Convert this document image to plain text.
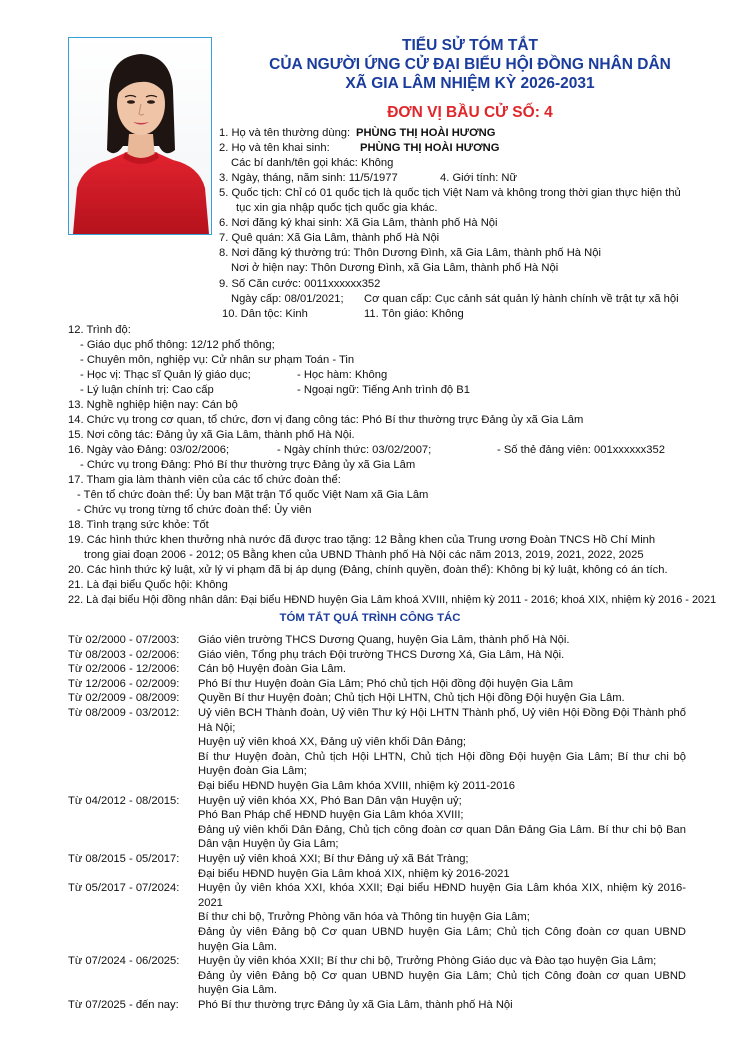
TIỂU SỬ TÓM TẮT
CỦA NGƯỜI ỨNG CỬ ĐẠI BIỂU HỘI ĐỒNG NHÂN DÂN
XÃ GIA LÂM NHIỆM KỲ 2026-2031
ĐƠN VỊ BẦU CỬ SỐ: 4
1. Họ và tên thường dùng: PHÙNG THỊ HOÀI HƯƠNG
2. Họ và tên khai sinh:	PHÙNG THỊ HOÀI HƯƠNG
Các bí danh/tên gọi khác: Không
3. Ngày, tháng, năm sinh: 11/5/1977	4. Giới tính: Nữ
5. Quốc tịch: Chỉ có 01 quốc tịch là quốc tịch Việt Nam và không trong thời gian thực hiện thủ
tục xin gia nhập quốc tịch quốc gia khác.
6. Nơi đăng ký khai sinh: Xã Gia Lâm, thành phố Hà Nội
7. Quê quán: Xã Gia Lâm, thành phố Hà Nội
8. Nơi đăng ký thường trú: Thôn Dương Đình, xã Gia Lâm, thành phố Hà Nội
Nơi ở hiện nay: Thôn Dương Đình, xã Gia Lâm, thành phố Hà Nội
9. Số Căn cước: 0011xxxxxx352
Ngày cấp: 08/01/2021; Cơ quan cấp: Cục cảnh sát quản lý hành chính về trật tự xã hội
10. Dân tộc: Kinh	11. Tôn giáo: Không
12. Trình độ:
- Giáo dục phổ thông: 12/12 phổ thông;
- Chuyên môn, nghiệp vụ: Cử nhân sư phạm Toán - Tin
- Học vị: Thạc sĩ Quản lý giáo dục;	- Học hàm: Không
- Lý luận chính trị: Cao cấp	- Ngoại ngữ: Tiếng Anh trình độ B1
13. Nghề nghiệp hiện nay: Cán bộ
14. Chức vụ trong cơ quan, tổ chức, đơn vị đang công tác: Phó Bí thư thường trực Đảng ủy xã Gia Lâm
15. Nơi công tác: Đảng ủy xã Gia Lâm, thành phố Hà Nội.
16. Ngày vào Đảng: 03/02/2006;	- Ngày chính thức: 03/02/2007;	- Số thẻ đảng viên: 001xxxxxx352
- Chức vụ trong Đảng: Phó Bí thư thường trực Đảng ủy xã Gia Lâm
17. Tham gia làm thành viên của các tổ chức đoàn thể:
- Tên tổ chức đoàn thể: Ủy ban Mặt trận Tổ quốc Việt Nam xã Gia Lâm
- Chức vụ trong từng tổ chức đoàn thể: Ủy viên
18. Tình trạng sức khỏe: Tốt
19. Các hình thức khen thưởng nhà nước đã được trao tặng: 12 Bằng khen của Trung ương Đoàn TNCS Hồ Chí Minh
trong giai đoạn 2006 - 2012; 05 Bằng khen của UBND Thành phố Hà Nội các năm 2013, 2019, 2021, 2022, 2025
20. Các hình thức kỷ luật, xử lý vi phạm đã bị áp dụng (Đảng, chính quyền, đoàn thể): Không bị kỷ luật, không có án tích.
21. Là đại biểu Quốc hội: Không
22. Là đại biểu Hội đồng nhân dân: Đại biểu HĐND huyện Gia Lâm khoá XVIII, nhiệm kỳ 2011 - 2016; khoá XIX, nhiệm kỳ 2016 - 2021
TÓM TẮT QUÁ TRÌNH CÔNG TÁC
Từ 02/2000 - 07/2003: Giáo viên trường THCS Dương Quang, huyện Gia Lâm, thành phố Hà Nội.
Từ 08/2003 - 02/2006: Giáo viên, Tổng phụ trách Đội trường THCS Dương Xá, Gia Lâm, Hà Nội.
Từ 02/2006 - 12/2006: Cán bộ Huyện đoàn Gia Lâm.
Từ 12/2006 - 02/2009: Phó Bí thư Huyện đoàn Gia Lâm; Phó chủ tịch Hội đồng đội huyện Gia Lâm
Từ 02/2009 - 08/2009: Quyền Bí thư Huyện đoàn; Chủ tịch Hội LHTN, Chủ tịch Hội đồng Đội huyện Gia Lâm.
Từ 08/2009 - 03/2012: Uỷ viên BCH Thành đoàn, Uỷ viên Thư ký Hội LHTN Thành phố, Uỷ viên Hội Đồng Đội Thành phố Hà Nội;
Huyện uỷ viên khoá XX, Đảng uỷ viên khối Dân Đảng;
Bí thư Huyện đoàn, Chủ tịch Hội LHTN, Chủ tịch Hội đồng Đội huyện Gia Lâm; Bí thư chi bộ Huyện đoàn Gia Lâm;
Đại biểu HĐND huyện Gia Lâm khóa XVIII, nhiệm kỳ 2011-2016
Từ 04/2012 - 08/2015: Huyện uỷ viên khóa XX, Phó Ban Dân vận Huyện uỷ;
Phó Ban Pháp chế HĐND huyện Gia Lâm khóa XVIII;
Đảng uỷ viên khối Dân Đảng, Chủ tịch công đoàn cơ quan Dân Đảng Gia Lâm. Bí thư chi bộ Ban Dân vận Huyện ủy Gia Lâm;
Từ 08/2015 - 05/2017: Huyện uỷ viên khoá XXI; Bí thư Đảng uỷ xã Bát Tràng;
Đại biểu HĐND huyện Gia Lâm khoá XIX, nhiệm kỳ 2016-2021
Từ 05/2017 - 07/2024: Huyện ủy viên khóa XXI, khóa XXII; Đại biểu HĐND huyện Gia Lâm khóa XIX, nhiệm kỳ 2016-2021
Bí thư chi bộ, Trưởng Phòng văn hóa và Thông tin huyện Gia Lâm;
Đảng ủy viên Đảng bộ Cơ quan UBND huyện Gia Lâm; Chủ tịch Công đoàn cơ quan UBND huyện Gia Lâm.
Từ 07/2024 - 06/2025: Huyện ủy viên khóa XXII; Bí thư chi bộ, Trưởng Phòng Giáo dục và Đào tạo huyện Gia Lâm;
Đảng ủy viên Đảng bộ Cơ quan UBND huyện Gia Lâm; Chủ tịch Công đoàn cơ quan UBND huyện Gia Lâm.
Từ 07/2025 - đến nay: Phó Bí thư thường trực Đảng ủy xã Gia Lâm, thành phố Hà Nội
